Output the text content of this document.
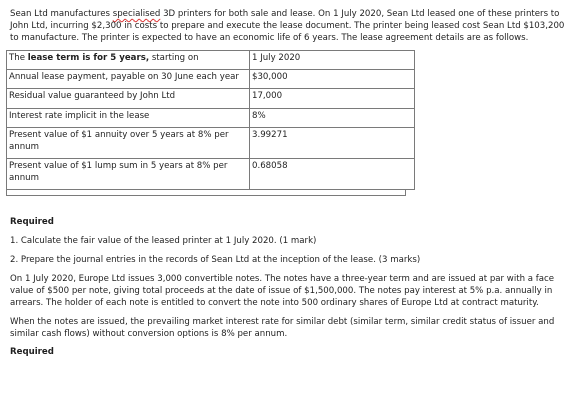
Sean Ltd manufactures specialised 3D printers for both sale and lease. On 1 July 2020, Sean Ltd leased one of these printers to John Ltd, incurring $2,300 in costs to prepare and execute the lease document. The printer being leased cost Sean Ltd $103,200 to manufacture. The printer is expected to have an economic life of 6 years. The lease agreement details are as follows.

The lease term is for 5 years, starting on	1 July 2020
Annual lease payment, payable on 30 June each year	$30,000
Residual value guaranteed by John Ltd	17,000
Interest rate implicit in the lease	8%
Present value of $1 annuity over 5 years at 8% per annum	3.99271
Present value of $1 lump sum in 5 years at 8% per annum	0.68058

Required

1. Calculate the fair value of the leased printer at 1 July 2020. (1 mark)

2. Prepare the journal entries in the records of Sean Ltd at the inception of the lease. (3 marks)

On 1 July 2020, Europe Ltd issues 3,000 convertible notes. The notes have a three-year term and are issued at par with a face value of $500 per note, giving total proceeds at the date of issue of $1,500,000. The notes pay interest at 5% p.a. annually in arrears. The holder of each note is entitled to convert the note into 500 ordinary shares of Europe Ltd at contract maturity.

When the notes are issued, the prevailing market interest rate for similar debt (similar term, similar credit status of issuer and similar cash flows) without conversion options is 8% per annum.

Required
